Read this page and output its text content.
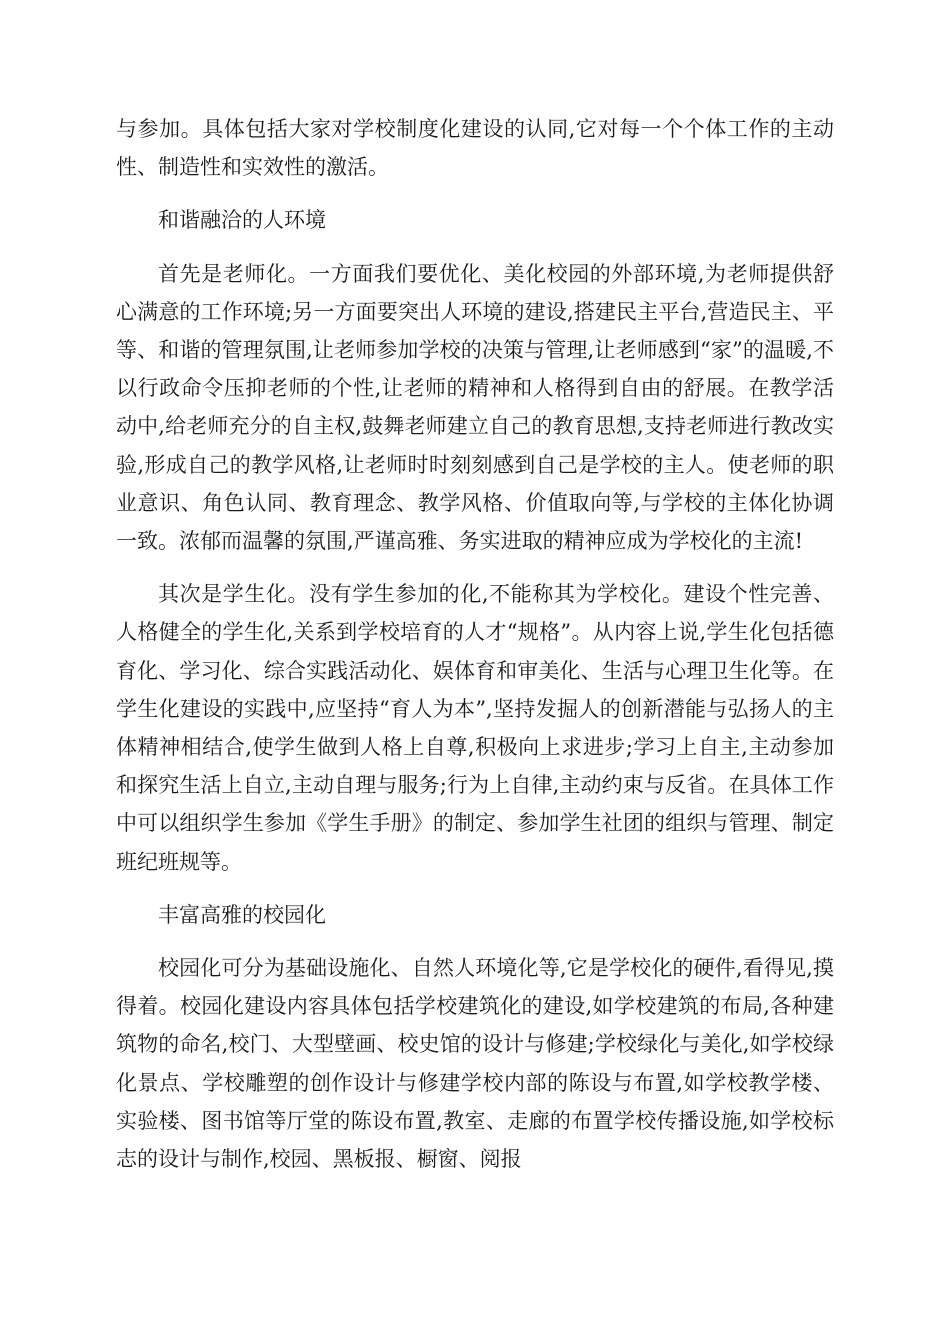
与参加。具体包括大家对学校制度化建设的认同,它对每一个个体工作的主动性、制造性和实效性的激活。

和谐融洽的人环境

首先是老师化。一方面我们要优化、美化校园的外部环境,为老师提供舒心满意的工作环境;另一方面要突出人环境的建设,搭建民主平台,营造民主、平等、和谐的管理氛围,让老师参加学校的决策与管理,让老师感到“家”的温暖,不以行政命令压抑老师的个性,让老师的精神和人格得到自由的舒展。在教学活动中,给老师充分的自主权,鼓舞老师建立自己的教育思想,支持老师进行教改实验,形成自己的教学风格,让老师时时刻刻感到自己是学校的主人。使老师的职业意识、角色认同、教育理念、教学风格、价值取向等,与学校的主体化协调一致。浓郁而温馨的氛围,严谨高雅、务实进取的精神应成为学校化的主流!

其次是学生化。没有学生参加的化,不能称其为学校化。建设个性完善、人格健全的学生化,关系到学校培育的人才“规格”。从内容上说,学生化包括德育化、学习化、综合实践活动化、娱体育和审美化、生活与心理卫生化等。在学生化建设的实践中,应坚持“育人为本”,坚持发掘人的创新潜能与弘扬人的主体精神相结合,使学生做到人格上自尊,积极向上求进步;学习上自主,主动参加和探究生活上自立,主动自理与服务;行为上自律,主动约束与反省。在具体工作中可以组织学生参加《学生手册》的制定、参加学生社团的组织与管理、制定班纪班规等。

丰富高雅的校园化

校园化可分为基础设施化、自然人环境化等,它是学校化的硬件,看得见,摸得着。校园化建设内容具体包括学校建筑化的建设,如学校建筑的布局,各种建筑物的命名,校门、大型壁画、校史馆的设计与修建;学校绿化与美化,如学校绿化景点、学校雕塑的创作设计与修建学校内部的陈设与布置,如学校教学楼、实验楼、图书馆等厅堂的陈设布置,教室、走廊的布置学校传播设施,如学校标志的设计与制作,校园、黑板报、橱窗、阅报
